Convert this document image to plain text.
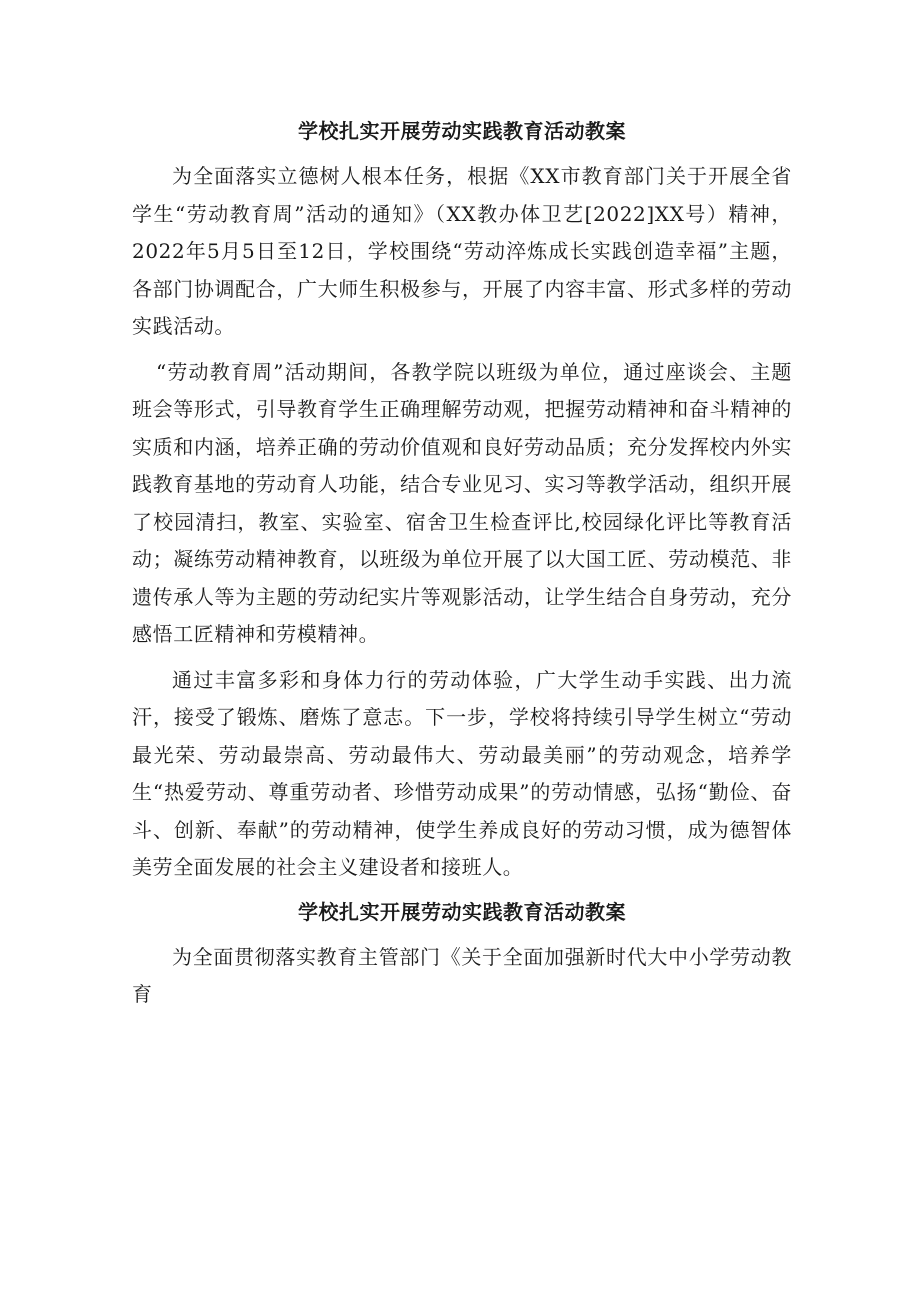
学校扎实开展劳动实践教育活动教案

为全面落实立德树人根本任务，根据《XX市教育部门关于开展全省学生“劳动教育周”活动的通知》（XX教办体卫艺[2022]XX号）精神，2022年5月5日至12日，学校围绕“劳动淬炼成长实践创造幸福”主题，各部门协调配合，广大师生积极参与，开展了内容丰富、形式多样的劳动实践活动。

“劳动教育周”活动期间，各教学院以班级为单位，通过座谈会、主题班会等形式，引导教育学生正确理解劳动观，把握劳动精神和奋斗精神的实质和内涵，培养正确的劳动价值观和良好劳动品质；充分发挥校内外实践教育基地的劳动育人功能，结合专业见习、实习等教学活动，组织开展了校园清扫，教室、实验室、宿舍卫生检查评比,校园绿化评比等教育活动；凝练劳动精神教育，以班级为单位开展了以大国工匠、劳动模范、非遗传承人等为主题的劳动纪实片等观影活动，让学生结合自身劳动，充分感悟工匠精神和劳模精神。

通过丰富多彩和身体力行的劳动体验，广大学生动手实践、出力流汗，接受了锻炼、磨炼了意志。下一步，学校将持续引导学生树立“劳动最光荣、劳动最崇高、劳动最伟大、劳动最美丽”的劳动观念，培养学生“热爱劳动、尊重劳动者、珍惜劳动成果”的劳动情感，弘扬“勤俭、奋斗、创新、奉献”的劳动精神，使学生养成良好的劳动习惯，成为德智体美劳全面发展的社会主义建设者和接班人。

学校扎实开展劳动实践教育活动教案

为全面贯彻落实教育主管部门《关于全面加强新时代大中小学劳动教育
